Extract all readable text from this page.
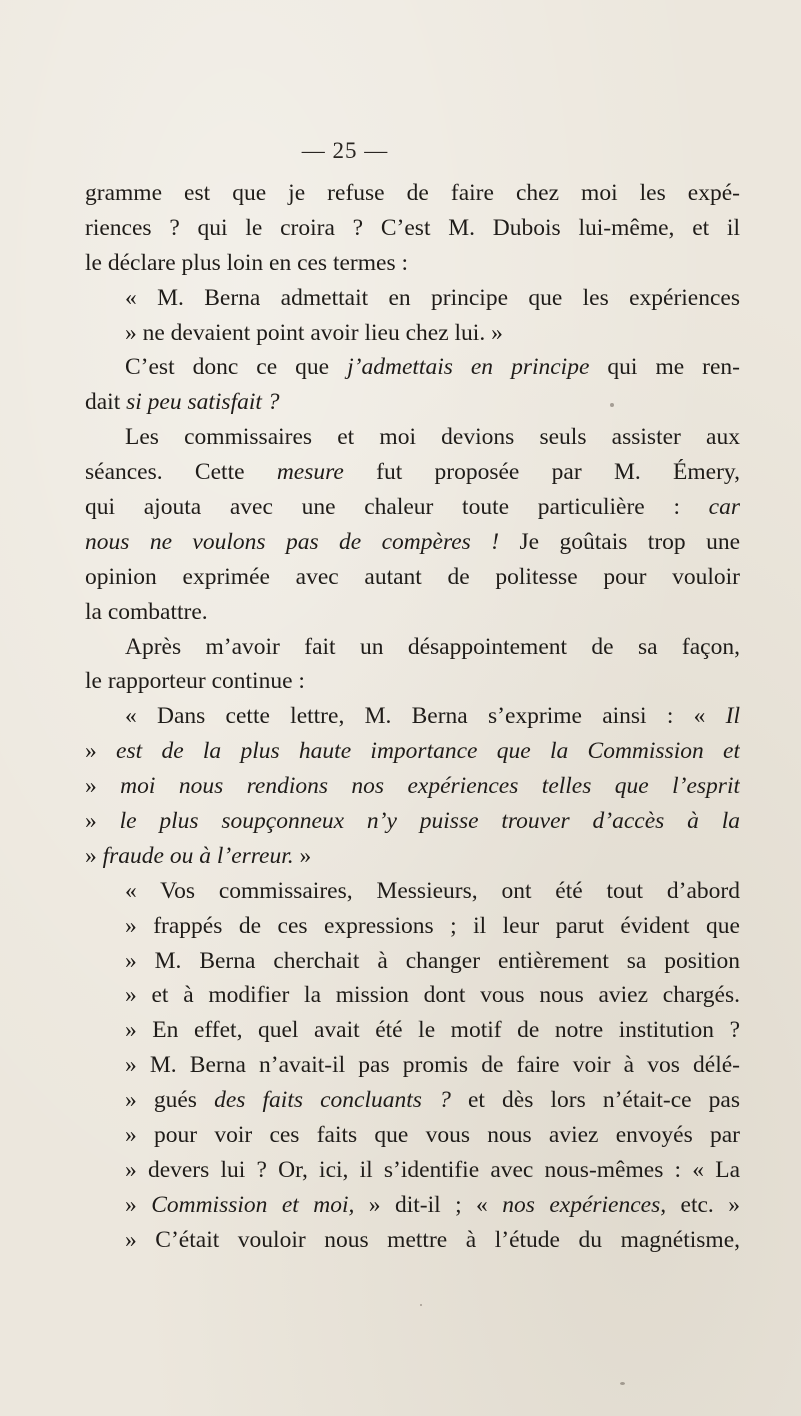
— 25 —
gramme est que je refuse de faire chez moi les expé-
riences ? qui le croira ? C’est M. Dubois lui-même, et il
le déclare plus loin en ces termes :
« M. Berna admettait en principe que les expériences
» ne devaient point avoir lieu chez lui. »
C’est donc ce que j’admettais en principe qui me ren-
dait si peu satisfait ?
Les commissaires et moi devions seuls assister aux
séances. Cette mesure fut proposée par M. Émery,
qui ajouta avec une chaleur toute particulière : car
nous ne voulons pas de compères ! Je goûtais trop une
opinion exprimée avec autant de politesse pour vouloir
la combattre.
Après m’avoir fait un désappointement de sa façon,
le rapporteur continue :
« Dans cette lettre, M. Berna s’exprime ainsi : « Il
» est de la plus haute importance que la Commission et
» moi nous rendions nos expériences telles que l’esprit
» le plus soupçonneux n’y puisse trouver d’accès à la
» fraude ou à l’erreur. »
« Vos commissaires, Messieurs, ont été tout d’abord
» frappés de ces expressions ; il leur parut évident que
» M. Berna cherchait à changer entièrement sa position
» et à modifier la mission dont vous nous aviez chargés.
» En effet, quel avait été le motif de notre institution ?
» M. Berna n’avait-il pas promis de faire voir à vos délé-
» gués des faits concluants ? et dès lors n’était-ce pas
» pour voir ces faits que vous nous aviez envoyés par
» devers lui ? Or, ici, il s’identifie avec nous-mêmes : « La
» Commission et moi, » dit-il ; « nos expériences, etc. »
» C’était vouloir nous mettre à l’étude du magnétisme,
